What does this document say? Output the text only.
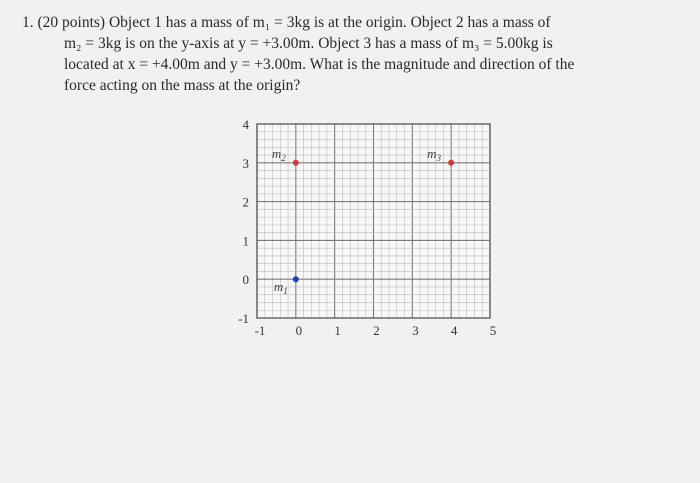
1. (20 points) Object 1 has a mass of m₁ = 3kg is at the origin. Object 2 has a mass of
m₂ = 3kg is on the y-axis at y = +3.00m. Object 3 has a mass of m₃ = 5.00kg is
located at x = +4.00m and y = +3.00m. What is the magnitude and direction of the
force acting on the mass at the origin?
-1 0 1 2 3 4 5
-1
0
1
2
3
4
$m_1$
$m_2$	$m_3$
